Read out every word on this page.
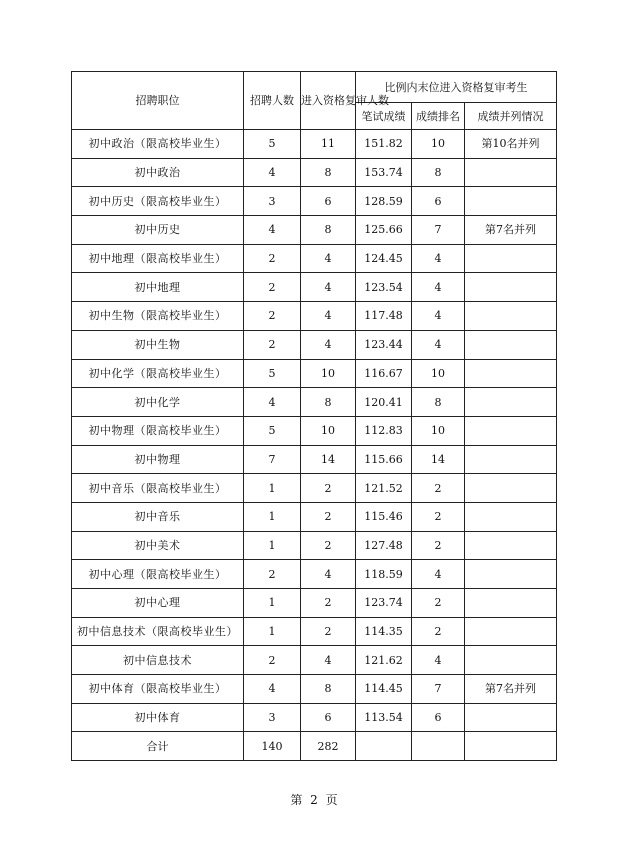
招聘职位	招聘人数	进入资格复审人数	比例内末位进入资格复审考生		
			笔试成绩	成绩排名	成绩并列情况
初中政治（限高校毕业生）	5	11	151.82	10	第10名并列
初中政治	4	8	153.74	8	
初中历史（限高校毕业生）	3	6	128.59	6	
初中历史	4	8	125.66	7	第7名并列
初中地理（限高校毕业生）	2	4	124.45	4	
初中地理	2	4	123.54	4	
初中生物（限高校毕业生）	2	4	117.48	4	
初中生物	2	4	123.44	4	
初中化学（限高校毕业生）	5	10	116.67	10	
初中化学	4	8	120.41	8	
初中物理（限高校毕业生）	5	10	112.83	10	
初中物理	7	14	115.66	14	
初中音乐（限高校毕业生）	1	2	121.52	2	
初中音乐	1	2	115.46	2	
初中美术	1	2	127.48	2	
初中心理（限高校毕业生）	2	4	118.59	4	
初中心理	1	2	123.74	2	
初中信息技术（限高校毕业生）	1	2	114.35	2	
初中信息技术	2	4	121.62	4	
初中体育（限高校毕业生）	4	8	114.45	7	第7名并列
初中体育	3	6	113.54	6	
合计	140	282			
第 2 页
